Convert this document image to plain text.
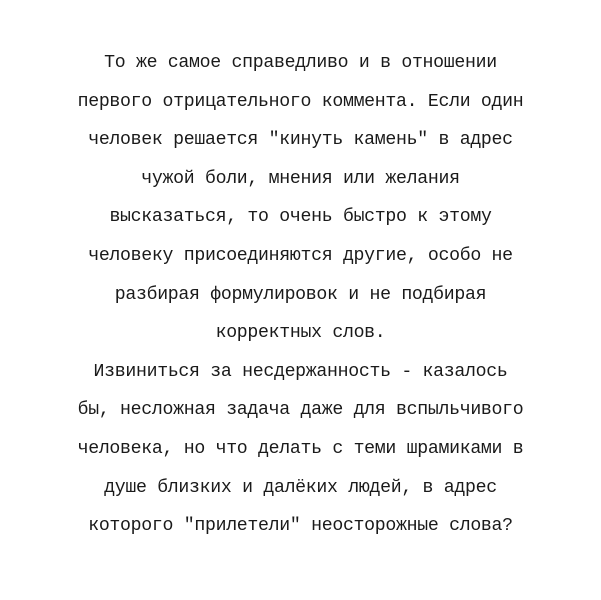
То же самое справедливо и в отношении
первого отрицательного коммента. Если один
человек решается "кинуть камень" в адрес
чужой боли, мнения или желания
высказаться, то очень быстро к этому
человеку присоединяются другие, особо не
разбирая формулировок и не подбирая
корректных слов.
Извиниться за несдержанность - казалось
бы, несложная задача даже для вспыльчивого
человека, но что делать с теми шрамиками в
душе близких и далёких людей, в адрес
которого "прилетели" неосторожные слова?
